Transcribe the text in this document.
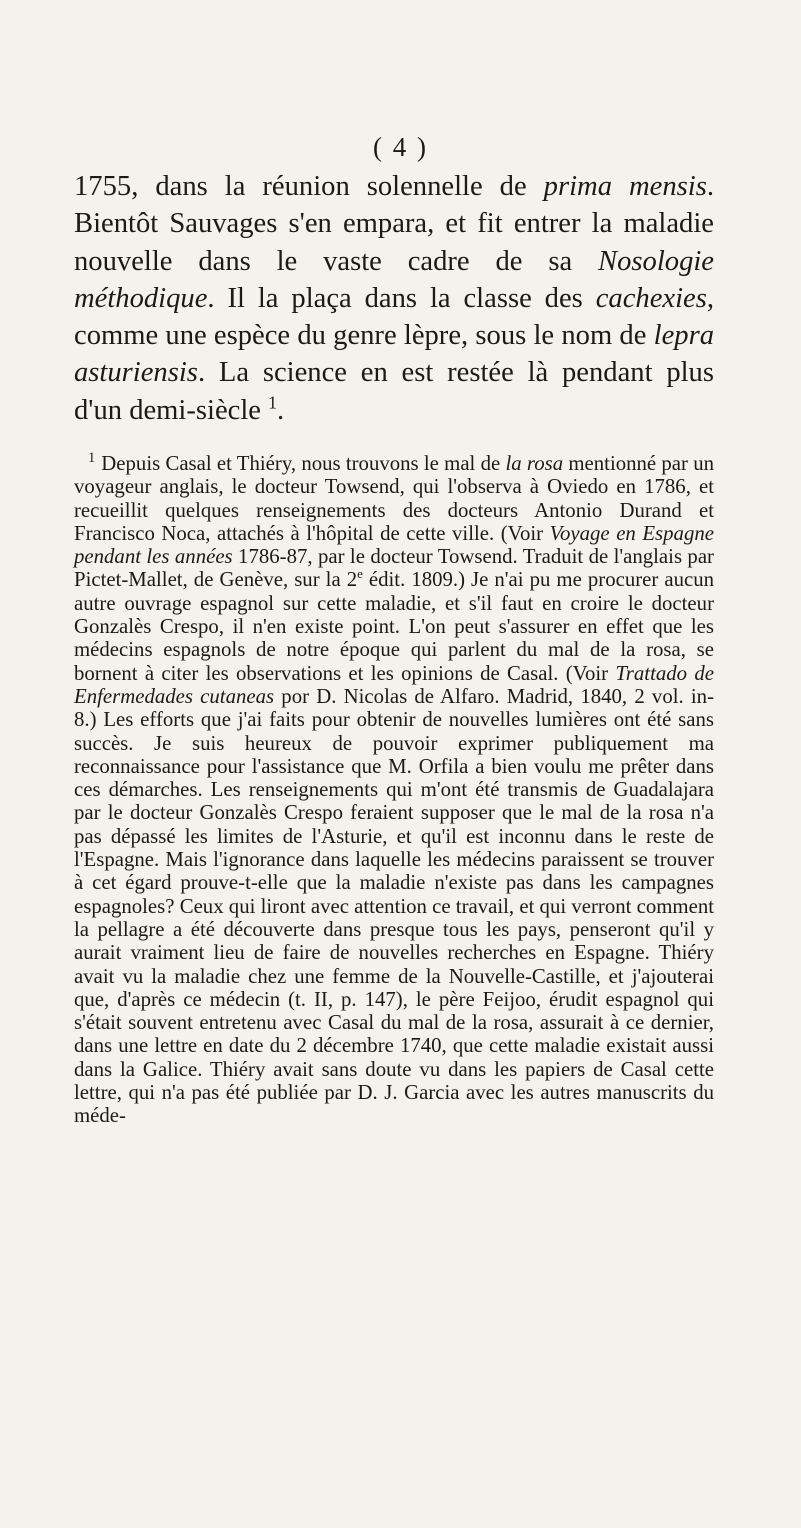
( 4 )

1755, dans la réunion solennelle de prima mensis. Bientôt Sauvages s'en empara, et fit entrer la maladie nouvelle dans le vaste cadre de sa Nosologie méthodique. Il la plaça dans la classe des cachexies, comme une espèce du genre lèpre, sous le nom de lepra asturiensis. La science en est restée là pendant plus d'un demi-siècle $^1$.

$^1$ Depuis Casal et Thiéry, nous trouvons le mal de la rosa mentionné par un voyageur anglais, le docteur Towsend, qui l'observa à Oviedo en 1786, et recueillit quelques renseignements des docteurs Antonio Durand et Francisco Noca, attachés à l'hôpital de cette ville. (Voir Voyage en Espagne pendant les années 1786-87, par le docteur Towsend. Traduit de l'anglais par Pictet-Mallet, de Genève, sur la 2e édit. 1809.) Je n'ai pu me procurer aucun autre ouvrage espagnol sur cette maladie, et s'il faut en croire le docteur Gonzalès Crespo, il n'en existe point. L'on peut s'assurer en effet que les médecins espagnols de notre époque qui parlent du mal de la rosa, se bornent à citer les observations et les opinions de Casal. (Voir Trattado de Enfermedades cutaneas por D. Nicolas de Alfaro. Madrid, 1840, 2 vol. in-8.) Les efforts que j'ai faits pour obtenir de nouvelles lumières ont été sans succès. Je suis heureux de pouvoir exprimer publiquement ma reconnaissance pour l'assistance que M. Orfila a bien voulu me prêter dans ces démarches. Les renseignements qui m'ont été transmis de Guadalajara par le docteur Gonzalès Crespo feraient supposer que le mal de la rosa n'a pas dépassé les limites de l'Asturie, et qu'il est inconnu dans le reste de l'Espagne. Mais l'ignorance dans laquelle les médecins paraissent se trouver à cet égard prouve-t-elle que la maladie n'existe pas dans les campagnes espagnoles? Ceux qui liront avec attention ce travail, et qui verront comment la pellagre a été découverte dans presque tous les pays, penseront qu'il y aurait vraiment lieu de faire de nouvelles recherches en Espagne. Thiéry avait vu la maladie chez une femme de la Nouvelle-Castille, et j'ajouterai que, d'après ce médecin (t. II, p. 147), le père Feijoo, érudit espagnol qui s'était souvent entretenu avec Casal du mal de la rosa, assurait à ce dernier, dans une lettre en date du 2 décembre 1740, que cette maladie existait aussi dans la Galice. Thiéry avait sans doute vu dans les papiers de Casal cette lettre, qui n'a pas été publiée par D. J. Garcia avec les autres manuscrits du méde-
